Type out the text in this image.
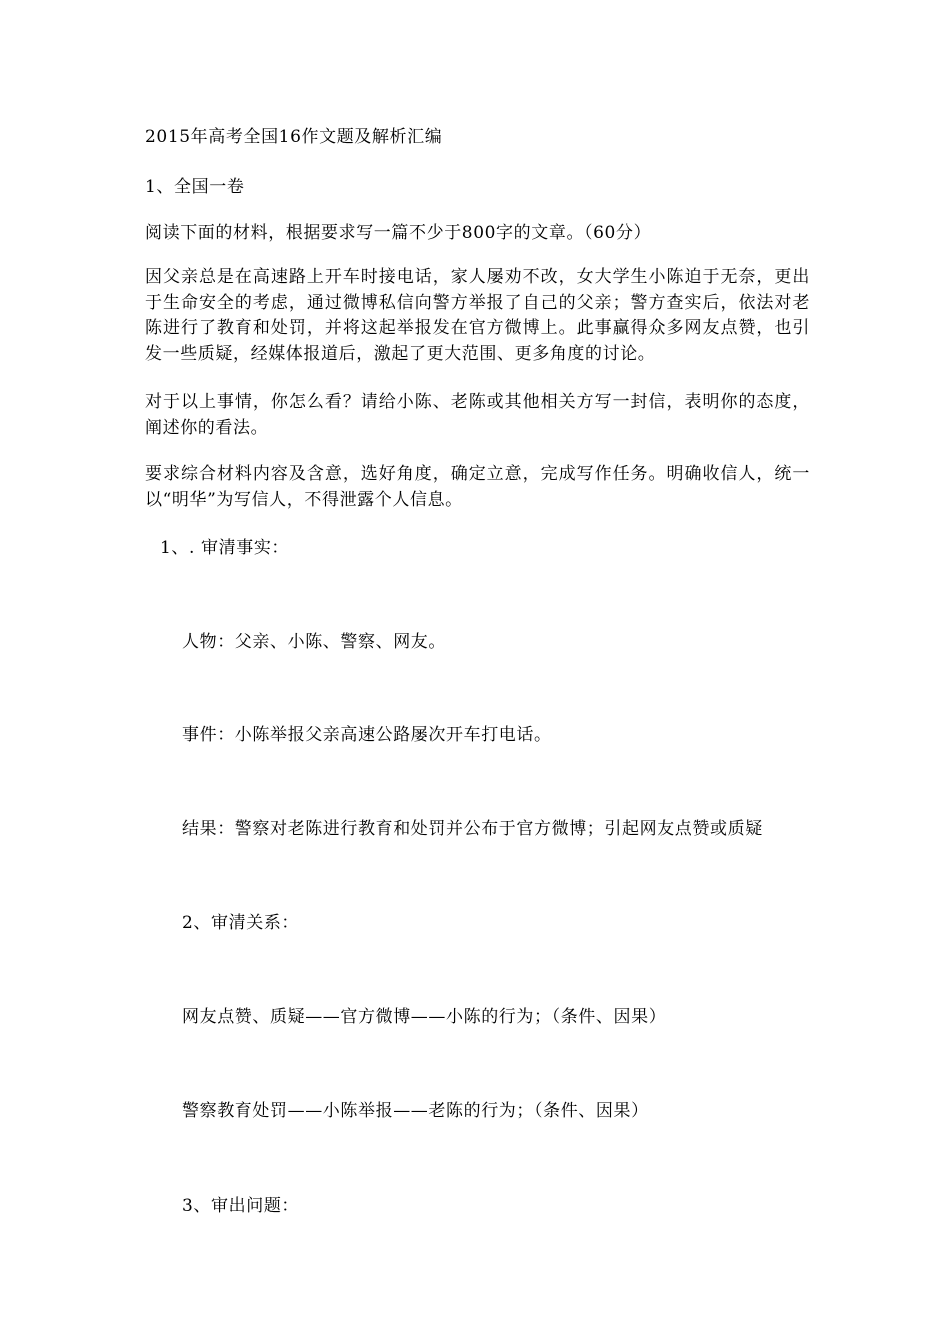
2015年高考全国16作文题及解析汇编
1、全国一卷
阅读下面的材料，根据要求写一篇不少于800字的文章。（60分）
因父亲总是在高速路上开车时接电话，家人屡劝不改，女大学生小陈迫于无奈，更出于生命安全的考虑，通过微博私信向警方举报了自己的父亲；警方查实后，依法对老陈进行了教育和处罚，并将这起举报发在官方微博上。此事赢得众多网友点赞，也引发一些质疑，经媒体报道后，激起了更大范围、更多角度的讨论。
对于以上事情，你怎么看？请给小陈、老陈或其他相关方写一封信，表明你的态度，阐述你的看法。
要求综合材料内容及含意，选好角度，确定立意，完成写作任务。明确收信人，统一以“明华”为写信人，不得泄露个人信息。
1、. 审清事实：
人物：父亲、小陈、警察、网友。
事件：小陈举报父亲高速公路屡次开车打电话。
结果：警察对老陈进行教育和处罚并公布于官方微博；引起网友点赞或质疑
2、审清关系：
网友点赞、质疑——官方微博——小陈的行为；（条件、因果）
警察教育处罚——小陈举报——老陈的行为；（条件、因果）
3、审出问题：
